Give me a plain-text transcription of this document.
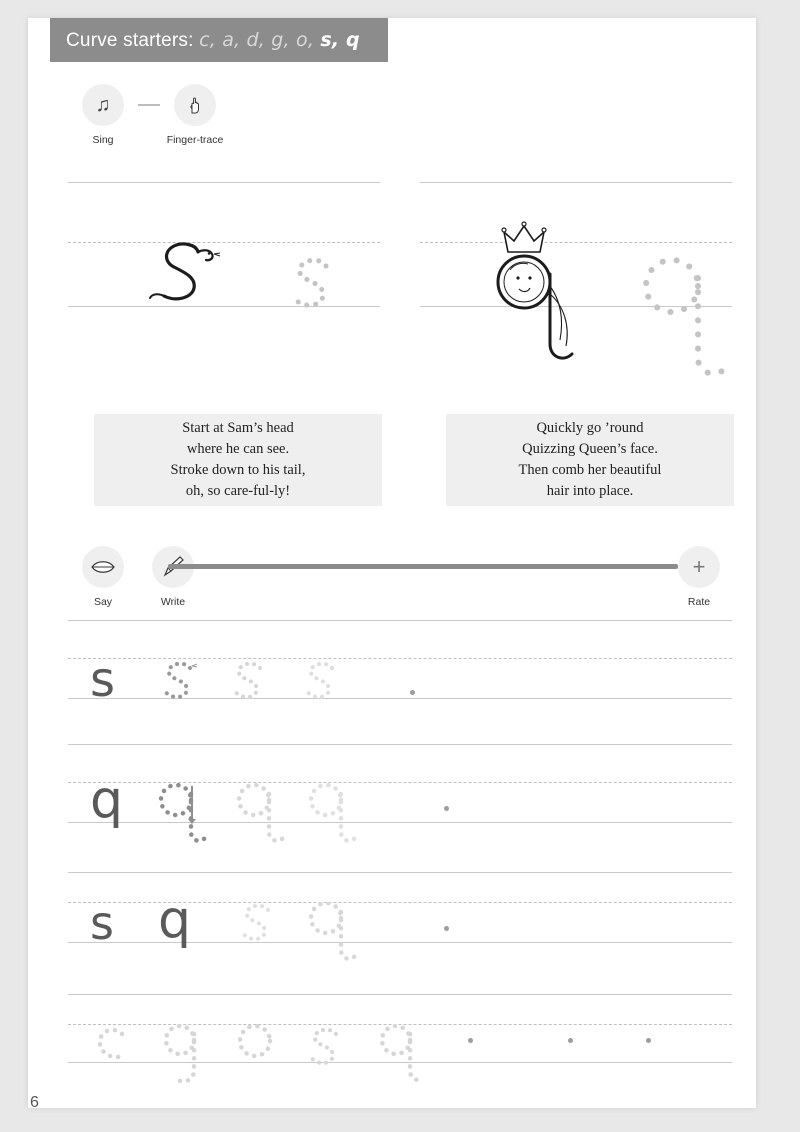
Curve starters: c, a, d, g, o, s, q
♫
Sing	Finger-trace
Start at Sam’s head
where he can see.
Stroke down to his tail,
oh, so care-ful-ly!
Quickly go ’round
Quizzing Queen’s face.
Then comb her beautiful
hair into place.
Say	Write
+
Rate
s
q
s q
6
